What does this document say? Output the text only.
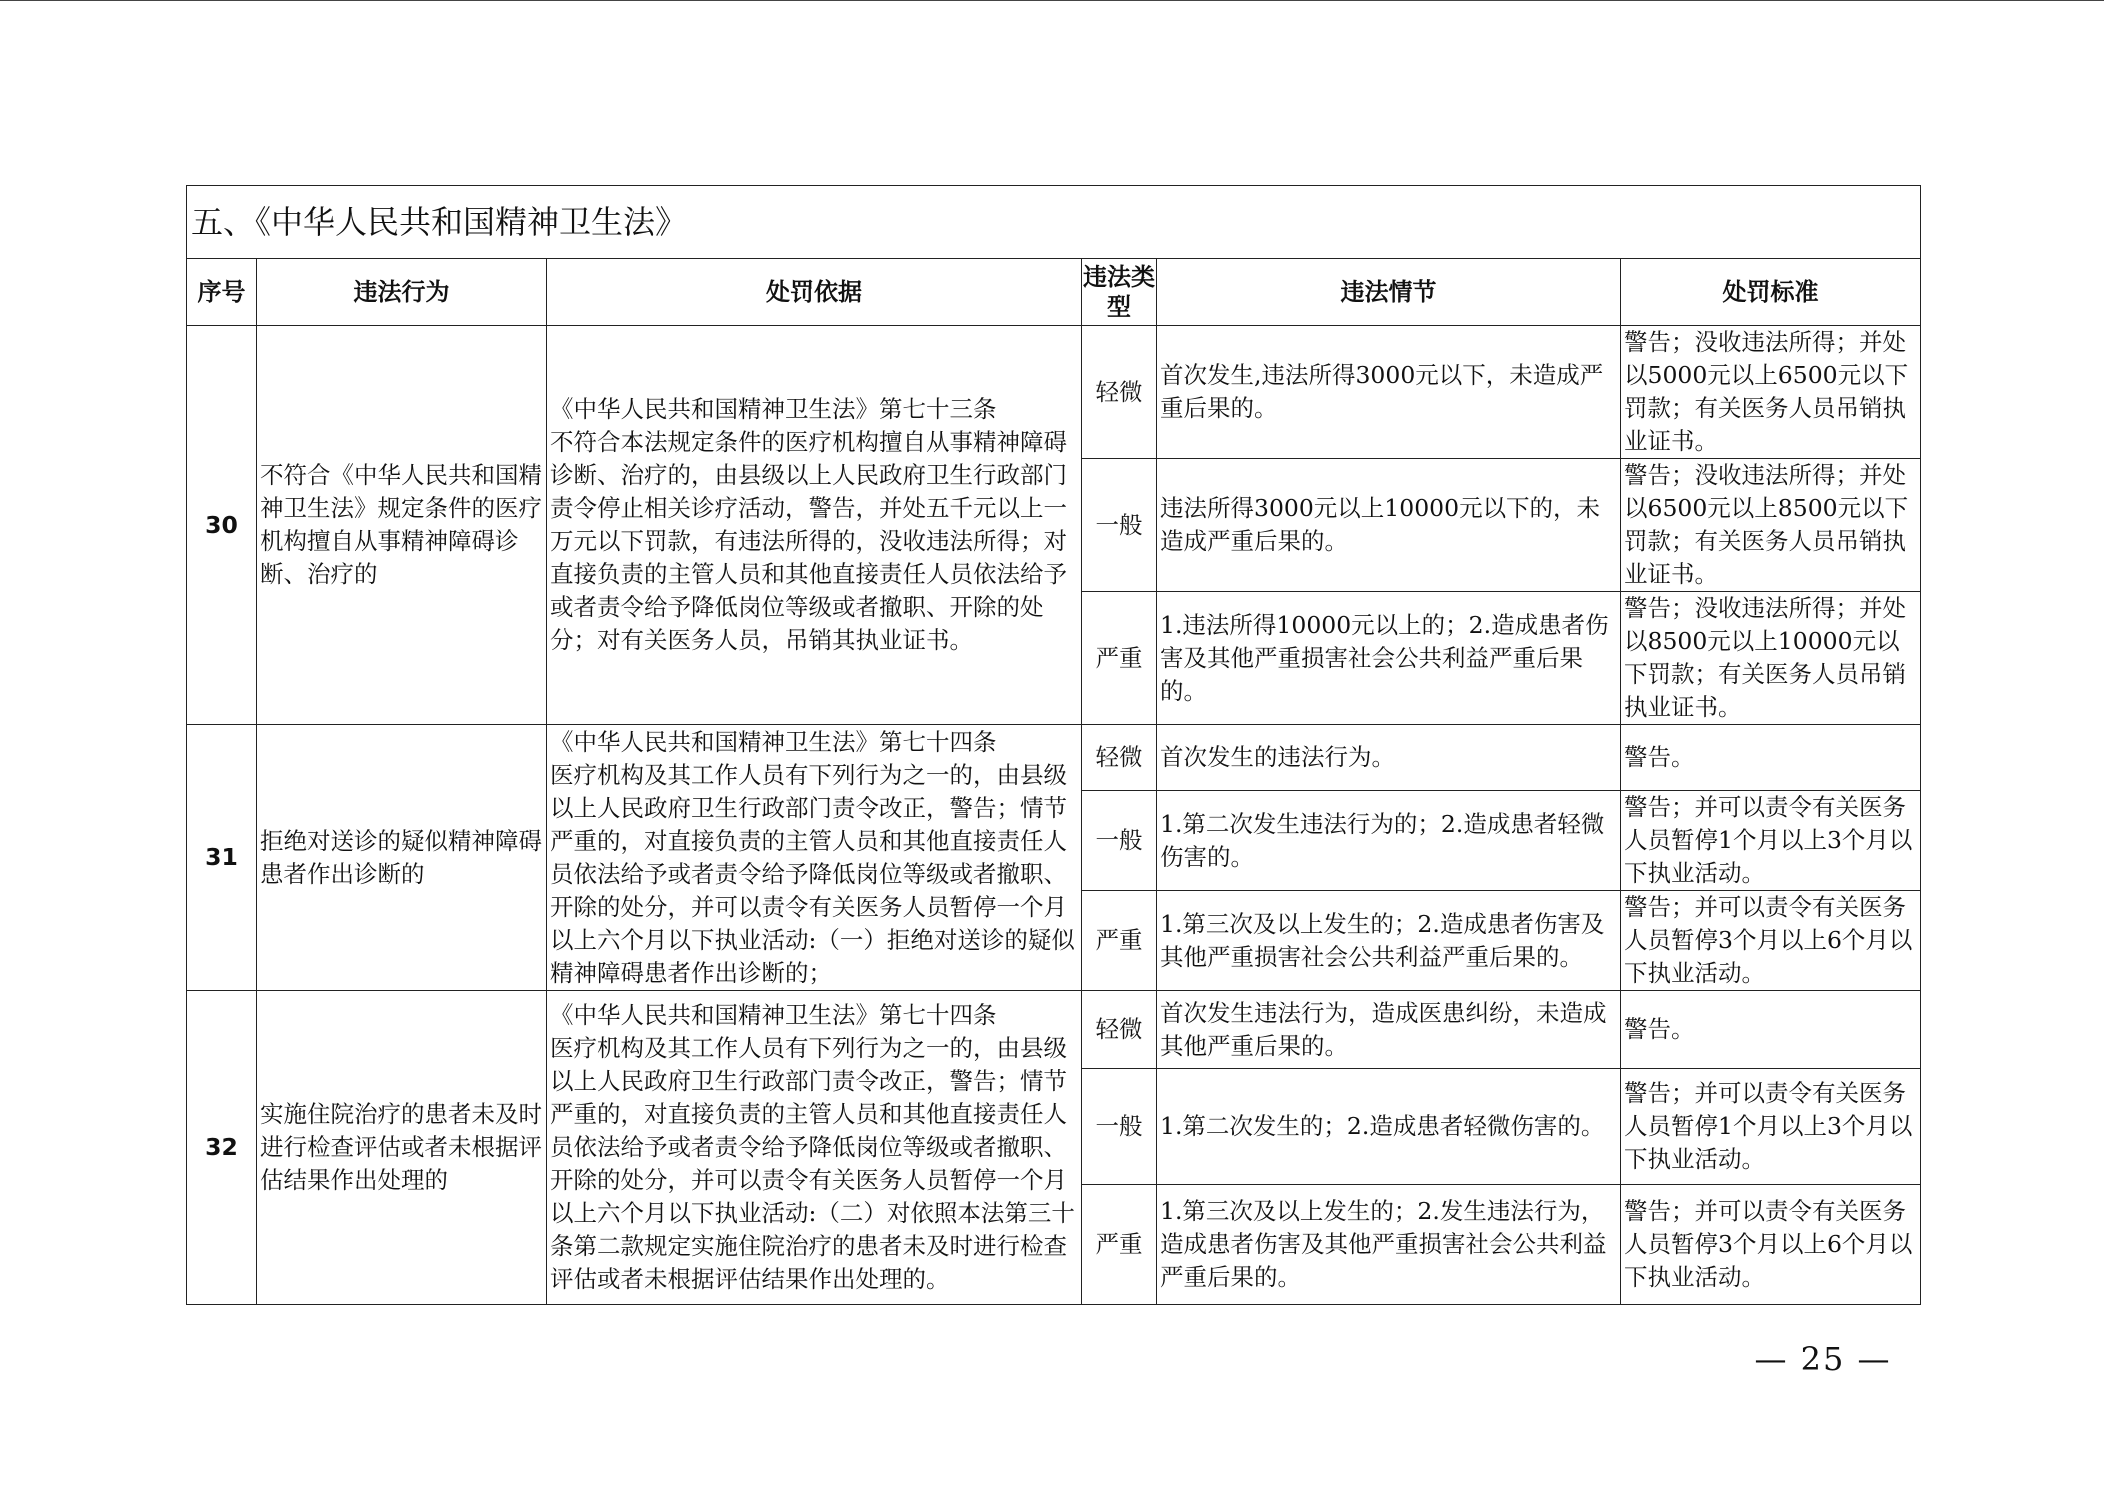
五、《中华人民共和国精神卫生法》					
序号	违法行为	处罚依据	违法类型	违法情节	处罚标准
30	不符合《中华人民共和国精神卫生法》规定条件的医疗机构擅自从事精神障碍诊断、治疗的	《中华人民共和国精神卫生法》第七十三条
不符合本法规定条件的医疗机构擅自从事精神障碍诊断、治疗的，由县级以上人民政府卫生行政部门责令停止相关诊疗活动，警告，并处五千元以上一万元以下罚款，有违法所得的，没收违法所得；对直接负责的主管人员和其他直接责任人员依法给予或者责令给予降低岗位等级或者撤职、开除的处分；对有关医务人员，吊销其执业证书。	轻微	首次发生,违法所得3000元以下，未造成严重后果的。	警告；没收违法所得；并处以5000元以上6500元以下罚款；有关医务人员吊销执业证书。
			一般	违法所得3000元以上10000元以下的，未造成严重后果的。	警告；没收违法所得；并处以6500元以上8500元以下罚款；有关医务人员吊销执业证书。
			严重	1.违法所得10000元以上的；2.造成患者伤害及其他严重损害社会公共利益严重后果的。	警告；没收违法所得；并处以8500元以上10000元以下罚款；有关医务人员吊销执业证书。
31	拒绝对送诊的疑似精神障碍患者作出诊断的	《中华人民共和国精神卫生法》第七十四条
医疗机构及其工作人员有下列行为之一的，由县级以上人民政府卫生行政部门责令改正，警告；情节严重的，对直接负责的主管人员和其他直接责任人员依法给予或者责令给予降低岗位等级或者撤职、开除的处分，并可以责令有关医务人员暂停一个月以上六个月以下执业活动:（一）拒绝对送诊的疑似精神障碍患者作出诊断的；	轻微	首次发生的违法行为。	警告。
			一般	1.第二次发生违法行为的；2.造成患者轻微伤害的。	警告；并可以责令有关医务人员暂停1个月以上3个月以下执业活动。
			严重	1.第三次及以上发生的；2.造成患者伤害及其他严重损害社会公共利益严重后果的。	警告；并可以责令有关医务人员暂停3个月以上6个月以下执业活动。
32	实施住院治疗的患者未及时进行检查评估或者未根据评估结果作出处理的	《中华人民共和国精神卫生法》第七十四条
医疗机构及其工作人员有下列行为之一的，由县级以上人民政府卫生行政部门责令改正，警告；情节严重的，对直接负责的主管人员和其他直接责任人员依法给予或者责令给予降低岗位等级或者撤职、开除的处分，并可以责令有关医务人员暂停一个月以上六个月以下执业活动:（二）对依照本法第三十条第二款规定实施住院治疗的患者未及时进行检查评估或者未根据评估结果作出处理的。	轻微	首次发生违法行为，造成医患纠纷，未造成其他严重后果的。	警告。
			一般	1.第二次发生的；2.造成患者轻微伤害的。	警告；并可以责令有关医务人员暂停1个月以上3个月以下执业活动。
			严重	1.第三次及以上发生的；2.发生违法行为，造成患者伤害及其他严重损害社会公共利益严重后果的。	警告；并可以责令有关医务人员暂停3个月以上6个月以下执业活动。
— 25 —
